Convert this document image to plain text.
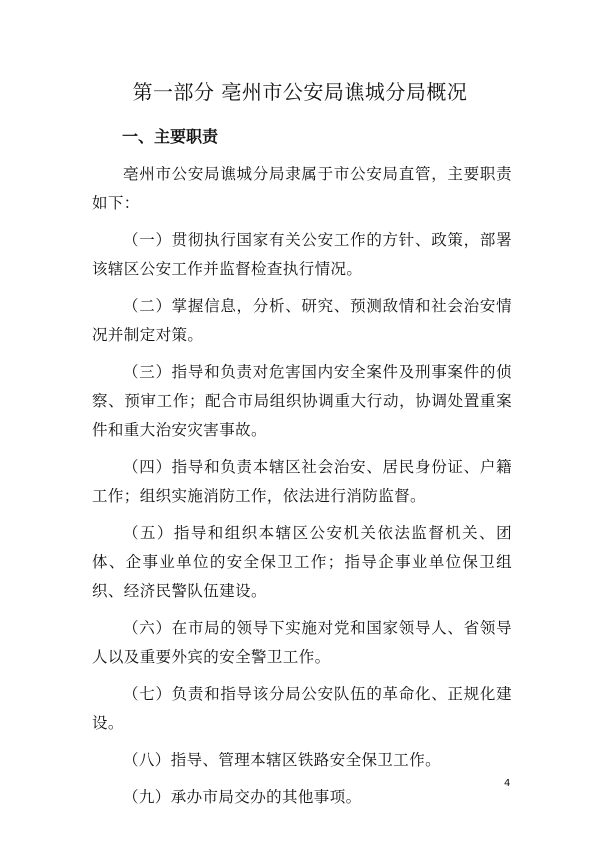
第一部分 亳州市公安局谯城分局概况
一、主要职责

亳州市公安局谯城分局隶属于市公安局直管，主要职责如下：

（一）贯彻执行国家有关公安工作的方针、政策，部署该辖区公安工作并监督检查执行情况。

（二）掌握信息，分析、研究、预测敌情和社会治安情况并制定对策。

（三）指导和负责对危害国内安全案件及刑事案件的侦察、预审工作；配合市局组织协调重大行动，协调处置重案件和重大治安灾害事故。

（四）指导和负责本辖区社会治安、居民身份证、户籍工作；组织实施消防工作，依法进行消防监督。

（五）指导和组织本辖区公安机关依法监督机关、团体、企事业单位的安全保卫工作；指导企事业单位保卫组织、经济民警队伍建设。

（六）在市局的领导下实施对党和国家领导人、省领导人以及重要外宾的安全警卫工作。

（七）负责和指导该分局公安队伍的革命化、正规化建设。

（八）指导、管理本辖区铁路安全保卫工作。

（九）承办市局交办的其他事项。

4
